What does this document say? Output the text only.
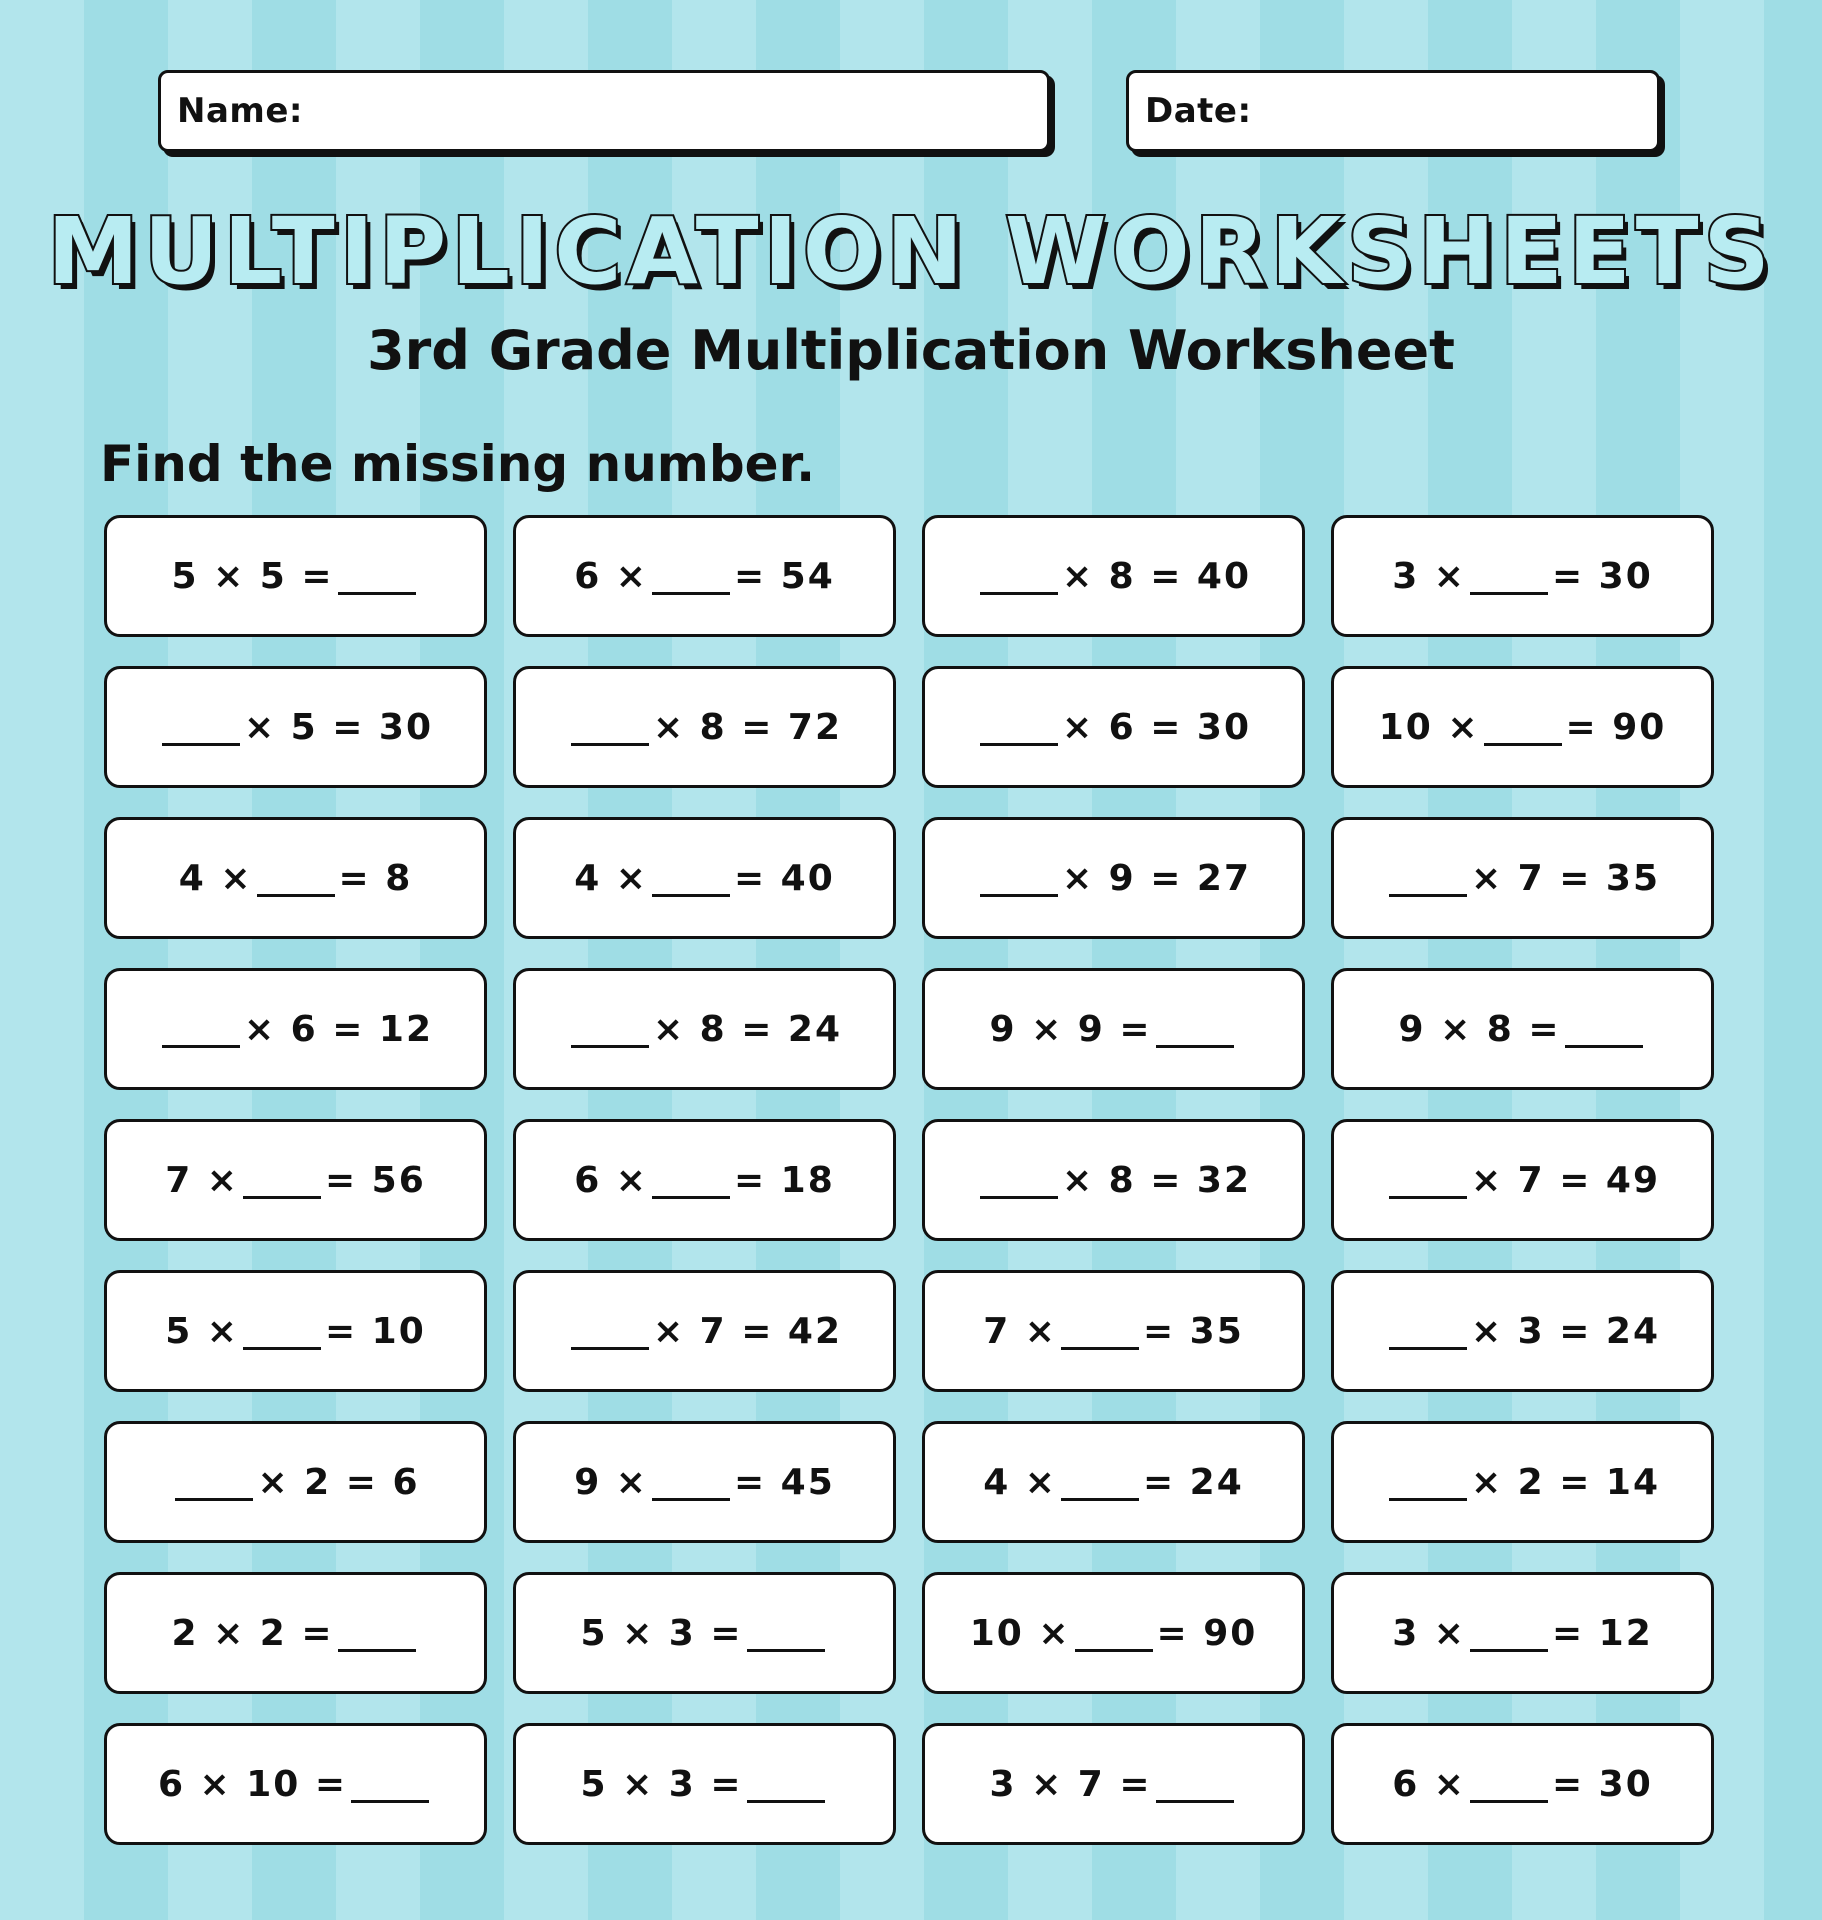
Name:	Date:
MULTIPLICATION WORKSHEETS
3rd Grade Multiplication Worksheet

Find the missing number.

5 × 5 =	6 × = 54	× 8 = 40	3 × = 30
× 5 = 30	× 8 = 72	× 6 = 30	10 × = 90
4 × = 8	4 × = 40	× 9 = 27	× 7 = 35
× 6 = 12	× 8 = 24	9 × 9 =	9 × 8 =
7 × = 56	6 × = 18	× 8 = 32	× 7 = 49
5 × = 10	× 7 = 42	7 × = 35	× 3 = 24
× 2 = 6	9 × = 45	4 × = 24	× 2 = 14
2 × 2 =	5 × 3 =	10 × = 90	3 × = 12
6 × 10 =	5 × 3 =	3 × 7 =	6 × = 30
